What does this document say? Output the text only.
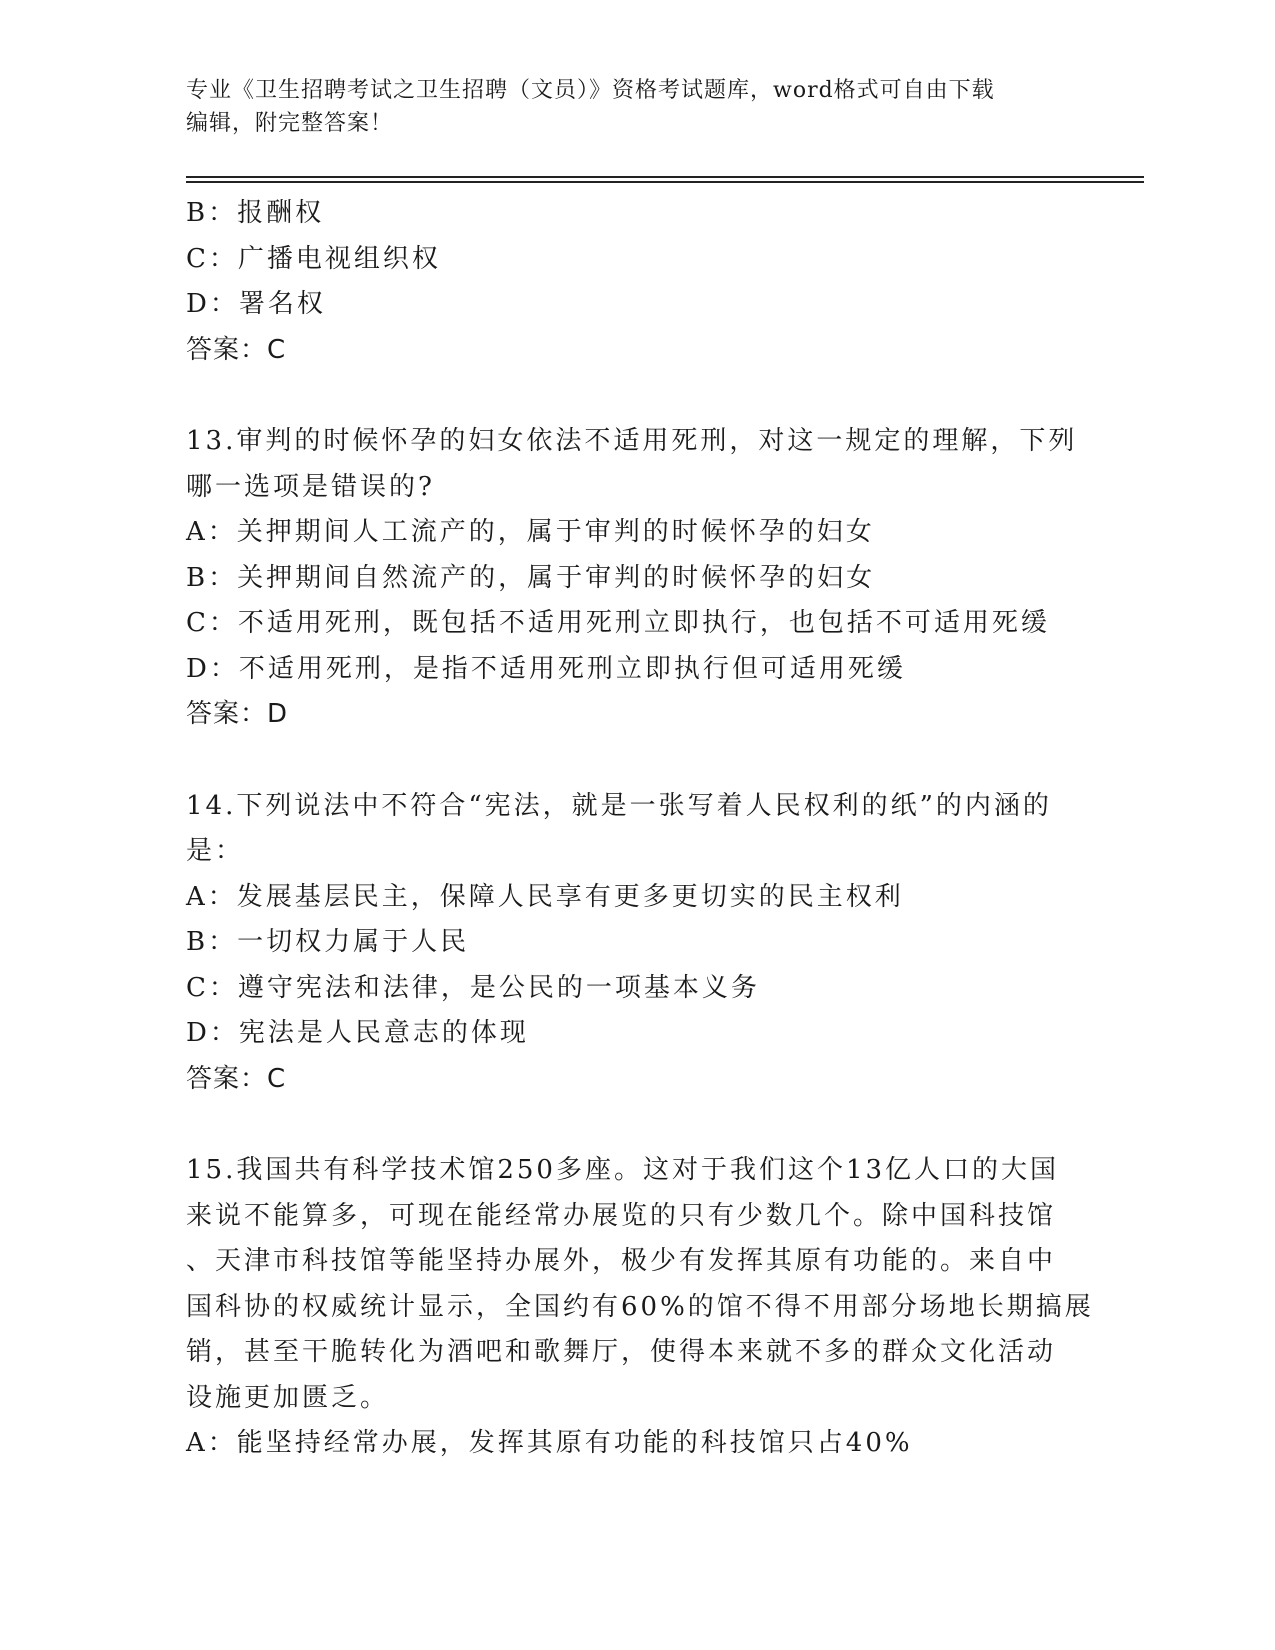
专业《卫生招聘考试之卫生招聘（文员）》资格考试题库，word格式可自由下载
编辑，附完整答案！
B：报酬权
C：广播电视组织权
D：署名权
答案：C
13.审判的时候怀孕的妇女依法不适用死刑，对这一规定的理解，下列
哪一选项是错误的?
A：关押期间人工流产的，属于审判的时候怀孕的妇女
B：关押期间自然流产的，属于审判的时候怀孕的妇女
C：不适用死刑，既包括不适用死刑立即执行，也包括不可适用死缓
D：不适用死刑，是指不适用死刑立即执行但可适用死缓
答案：D
14.下列说法中不符合“宪法，就是一张写着人民权利的纸”的内涵的
是：
A：发展基层民主，保障人民享有更多更切实的民主权利
B：一切权力属于人民
C：遵守宪法和法律，是公民的一项基本义务
D：宪法是人民意志的体现
答案：C
15.我国共有科学技术馆250多座。这对于我们这个13亿人口的大国
来说不能算多，可现在能经常办展览的只有少数几个。除中国科技馆
、天津市科技馆等能坚持办展外，极少有发挥其原有功能的。来自中
国科协的权威统计显示，全国约有60%的馆不得不用部分场地长期搞展
销，甚至干脆转化为酒吧和歌舞厅，使得本来就不多的群众文化活动
设施更加匮乏。
A：能坚持经常办展，发挥其原有功能的科技馆只占40%
